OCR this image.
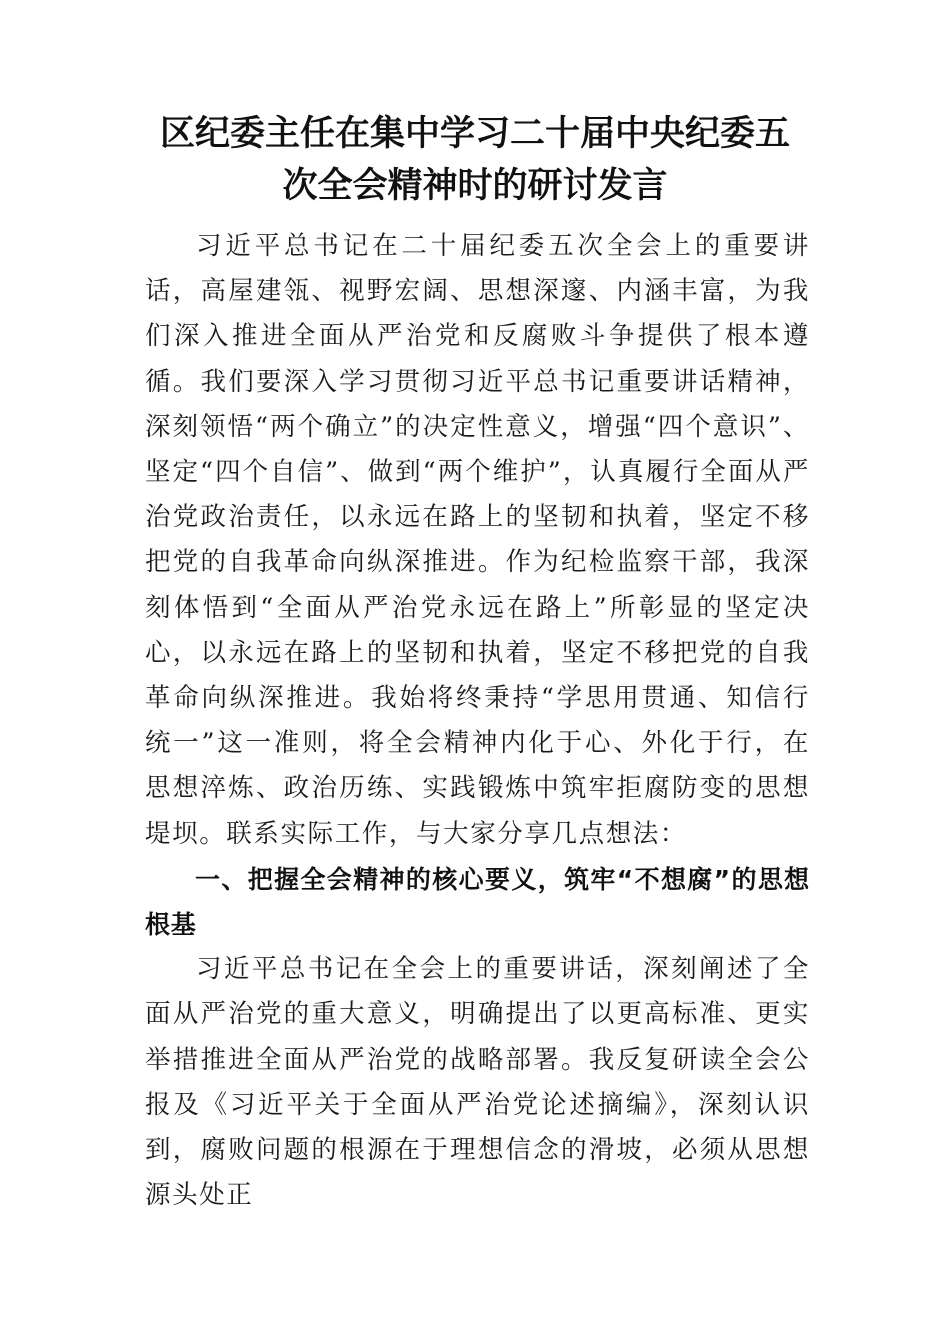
区纪委主任在集中学习二十届中央纪委五
次全会精神时的研讨发言

习近平总书记在二十届纪委五次全会上的重要讲话，高屋建瓴、视野宏阔、思想深邃、内涵丰富，为我们深入推进全面从严治党和反腐败斗争提供了根本遵循。我们要深入学习贯彻习近平总书记重要讲话精神，深刻领悟“两个确立”的决定性意义，增强“四个意识”、坚定“四个自信”、做到“两个维护”，认真履行全面从严治党政治责任，以永远在路上的坚韧和执着，坚定不移把党的自我革命向纵深推进。作为纪检监察干部，我深刻体悟到“全面从严治党永远在路上”所彰显的坚定决心，以永远在路上的坚韧和执着，坚定不移把党的自我革命向纵深推进。我始将终秉持“学思用贯通、知信行统一”这一准则，将全会精神内化于心、外化于行，在思想淬炼、政治历练、实践锻炼中筑牢拒腐防变的思想堤坝。联系实际工作，与大家分享几点想法：

一、把握全会精神的核心要义，筑牢“不想腐”的思想根基

习近平总书记在全会上的重要讲话，深刻阐述了全面从严治党的重大意义，明确提出了以更高标准、更实举措推进全面从严治党的战略部署。我反复研读全会公报及《习近平关于全面从严治党论述摘编》，深刻认识到，腐败问题的根源在于理想信念的滑坡，必须从思想源头处正
